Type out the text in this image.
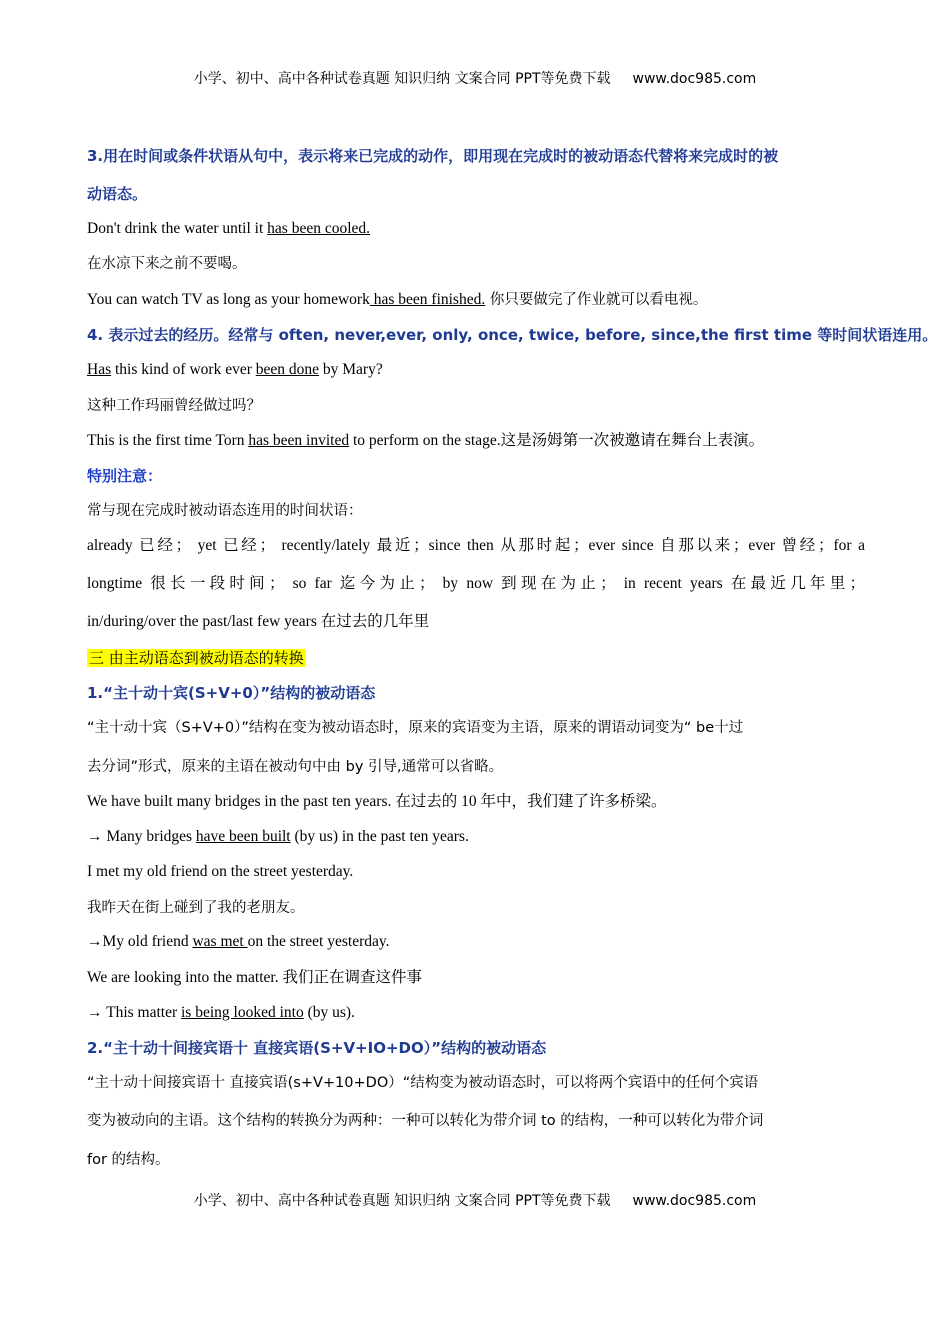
小学、初中、高中各种试卷真题 知识归纳 文案合同 PPT等免费下载 www.doc985.com
3.用在时间或条件状语从句中，表示将来已完成的动作，即用现在完成时的被动语态代替将来完成时的被
动语态。
Don't drink the water until it has been cooled.
在水凉下来之前不要喝。
You can watch TV as long as your homework has been finished. 你只要做完了作业就可以看电视。
4. 表示过去的经历。经常与 often, never,ever, only, once, twice, before, since,the first time 等时间状语连用。
Has this kind of work ever been done by Mary?
这种工作玛丽曾经做过吗？
This is the first time Torn has been invited to perform on the stage.这是汤姆第一次被邀请在舞台上表演。
特别注意：
常与现在完成时被动语态连用的时间状语：
already 已经； yet 已经； recently/lately 最近；since then 从那时起；ever since 自那以来；ever 曾经；for a
longtime 很长一段时间； so far 迄今为止； by now 到现在为止； in recent years 在最近几年里；
in/during/over the past/last few years 在过去的几年里
三 由主动语态到被动语态的转换
1.“主十动十宾(S+V+0）”结构的被动语态
“主十动十宾（S+V+0）”结构在变为被动语态时，原来的宾语变为主语，原来的谓语动词变为“ be十过
去分词”形式，原来的主语在被动句中由 by 引导,通常可以省略。
We have built many bridges in the past ten years. 在过去的 10 年中，我们建了许多桥梁。
→ Many bridges have been built (by us) in the past ten years.
I met my old friend on the street yesterday.
我昨天在街上碰到了我的老朋友。
→My old friend was met on the street yesterday.
We are looking into the matter. 我们正在调查这件事
→ This matter is being looked into (by us).
2.“主十动十间接宾语十 直接宾语(S+V+IO+DO）”结构的被动语态
“主十动十间接宾语十 直接宾语(s+V+10+DO）“结构变为被动语态时，可以将两个宾语中的任何个宾语
变为被动向的主语。这个结构的转换分为两种：一种可以转化为带介词 to 的结构，一种可以转化为带介词
for 的结构。
小学、初中、高中各种试卷真题 知识归纳 文案合同 PPT等免费下载 www.doc985.com
